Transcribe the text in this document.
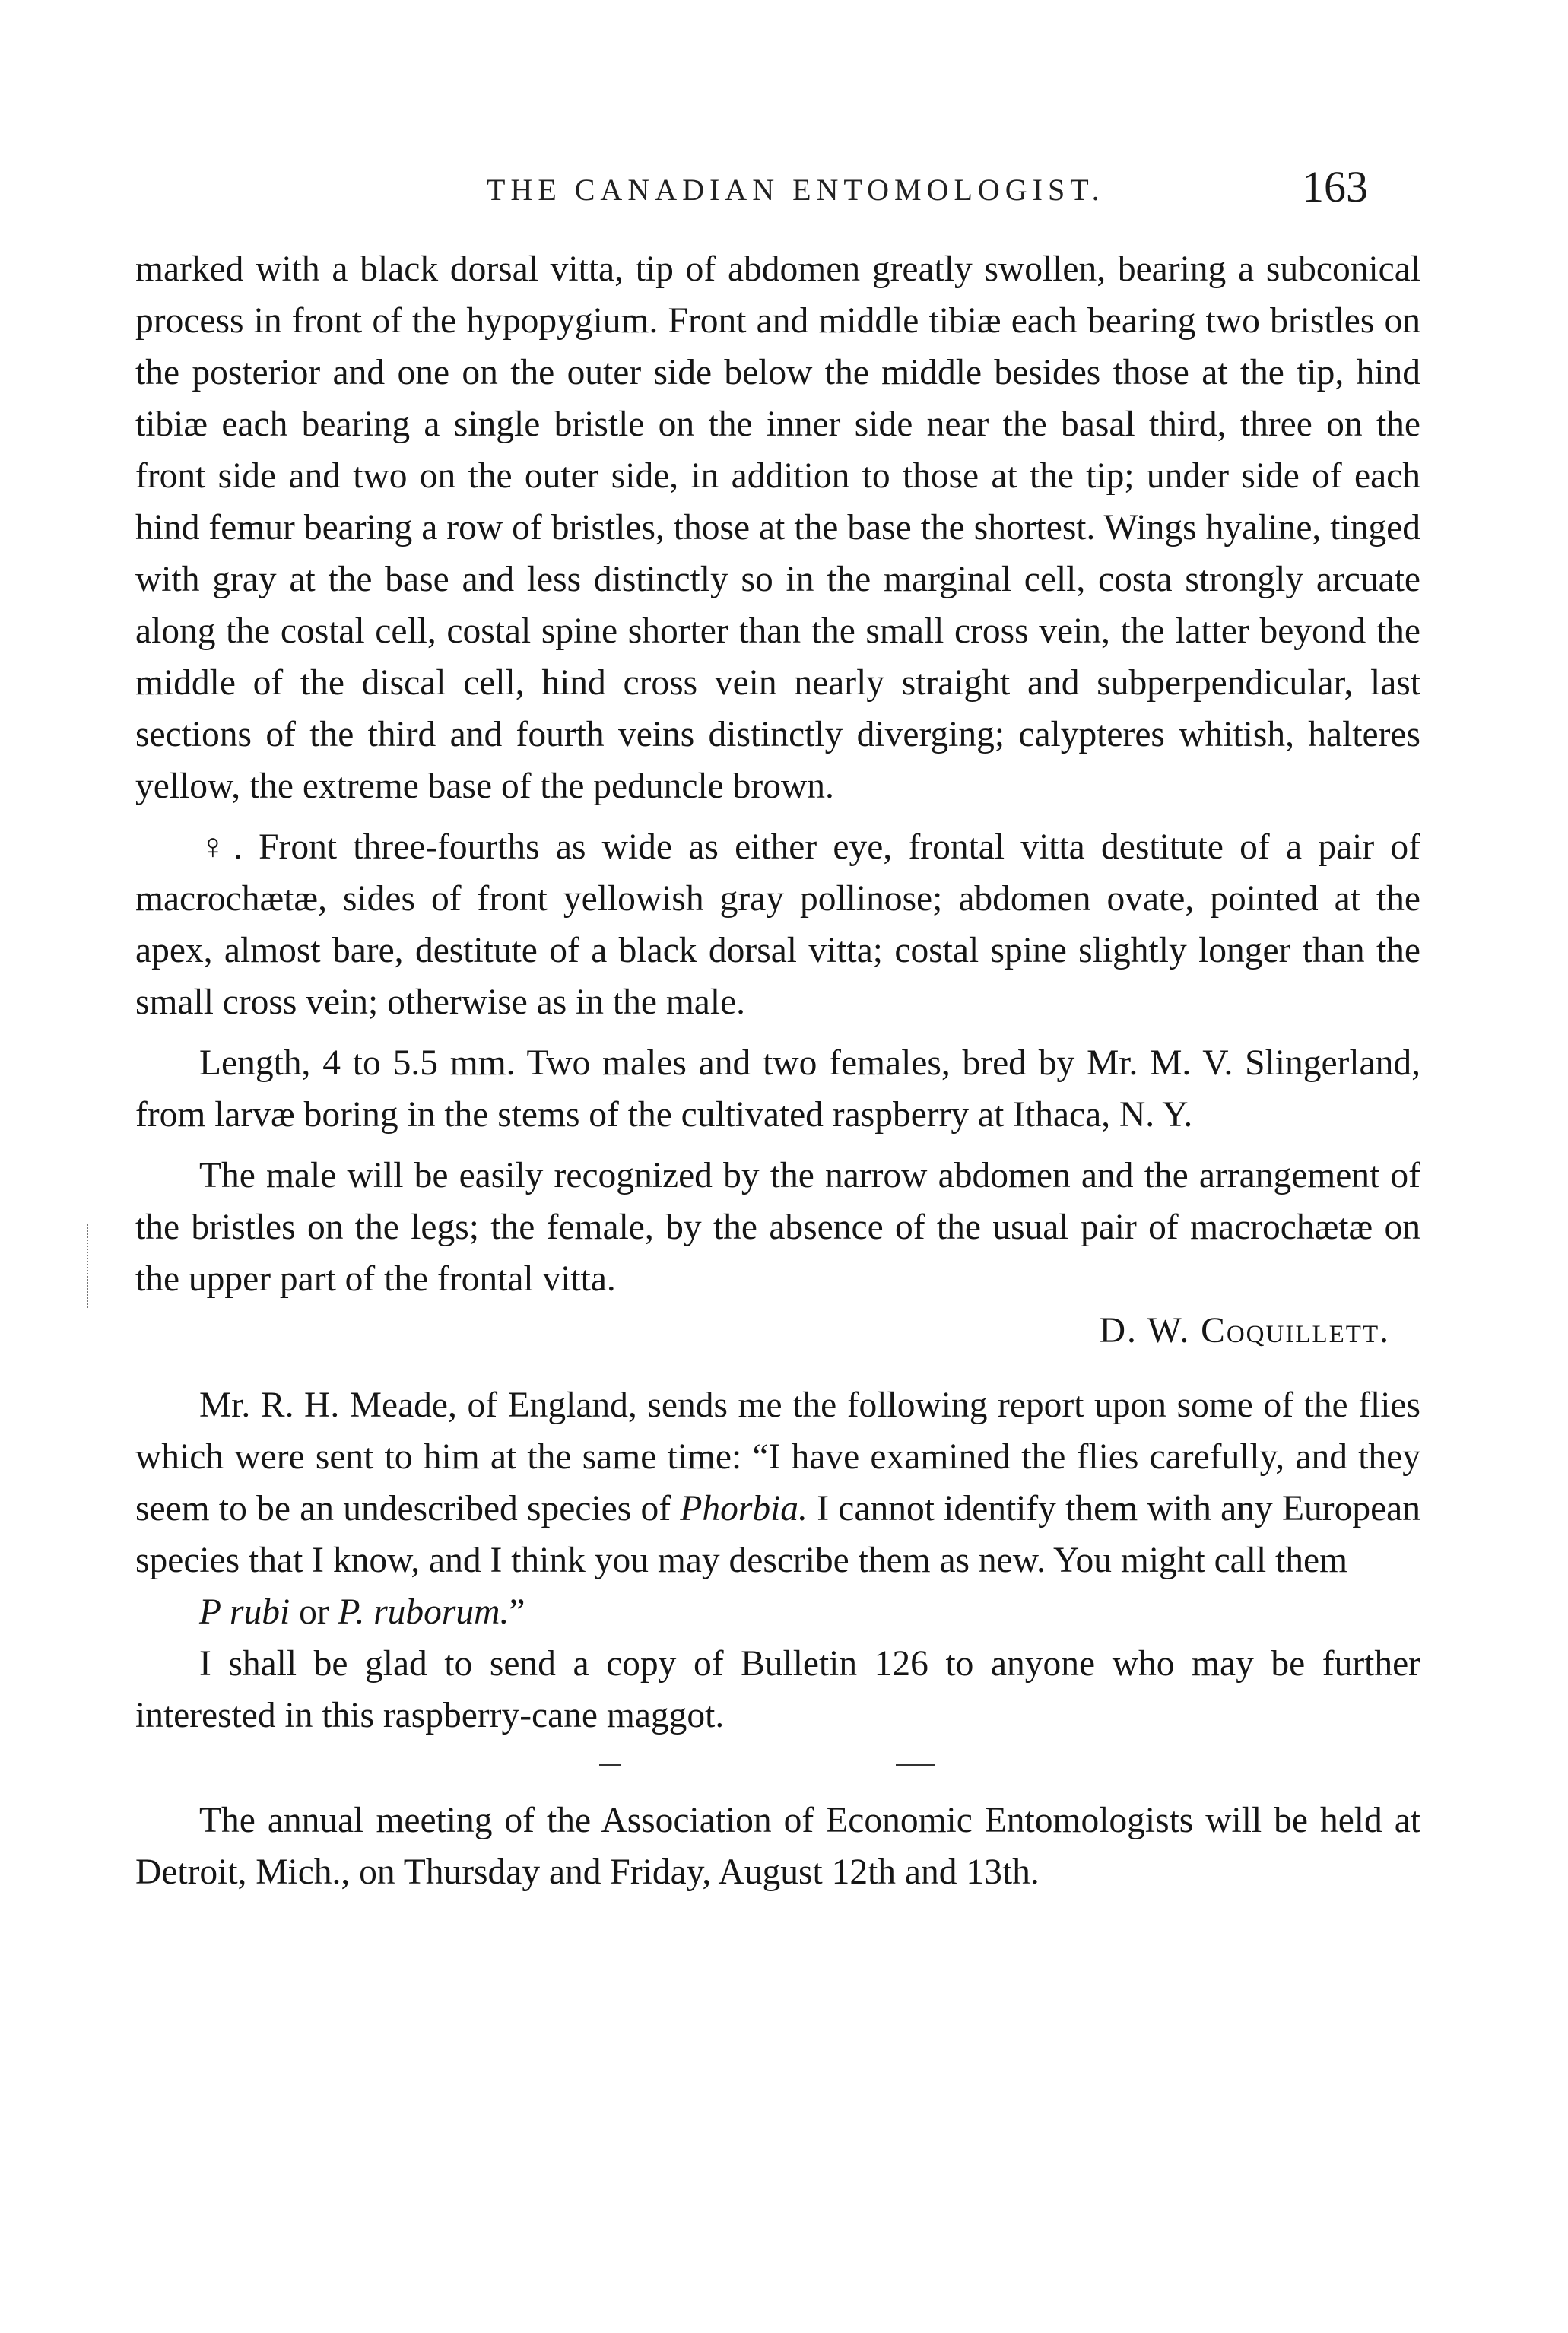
THE CANADIAN ENTOMOLOGIST.	163

marked with a black dorsal vitta, tip of abdomen greatly swollen, bearing a subconical process in front of the hypopygium. Front and middle tibiæ each bearing two bristles on the posterior and one on the outer side below the middle besides those at the tip, hind tibiæ each bearing a single bristle on the inner side near the basal third, three on the front side and two on the outer side, in addition to those at the tip; under side of each hind femur bearing a row of bristles, those at the base the shortest. Wings hyaline, tinged with gray at the base and less distinctly so in the marginal cell, costa strongly arcuate along the costal cell, costal spine shorter than the small cross vein, the latter beyond the middle of the discal cell, hind cross vein nearly straight and subperpendicular, last sections of the third and fourth veins distinctly diverging; calypteres whitish, halteres yellow, the extreme base of the peduncle brown.

♀. Front three-fourths as wide as either eye, frontal vitta destitute of a pair of macrochætæ, sides of front yellowish gray pollinose; abdomen ovate, pointed at the apex, almost bare, destitute of a black dorsal vitta; costal spine slightly longer than the small cross vein; otherwise as in the male.

Length, 4 to 5.5 mm. Two males and two females, bred by Mr. M. V. Slingerland, from larvæ boring in the stems of the cultivated raspberry at Ithaca, N. Y.

The male will be easily recognized by the narrow abdomen and the arrangement of the bristles on the legs; the female, by the absence of the usual pair of macrochætæ on the upper part of the frontal vitta.

D. W. Coquillett.

Mr. R. H. Meade, of England, sends me the following report upon some of the flies which were sent to him at the same time: “I have examined the flies carefully, and they seem to be an undescribed species of Phorbia. I cannot identify them with any European species that I know, and I think you may describe them as new. You might call them
P rubi or P. ruborum.”

I shall be glad to send a copy of Bulletin 126 to anyone who may be further interested in this raspberry-cane maggot.

The annual meeting of the Association of Economic Entomologists will be held at Detroit, Mich., on Thursday and Friday, August 12th and 13th.
